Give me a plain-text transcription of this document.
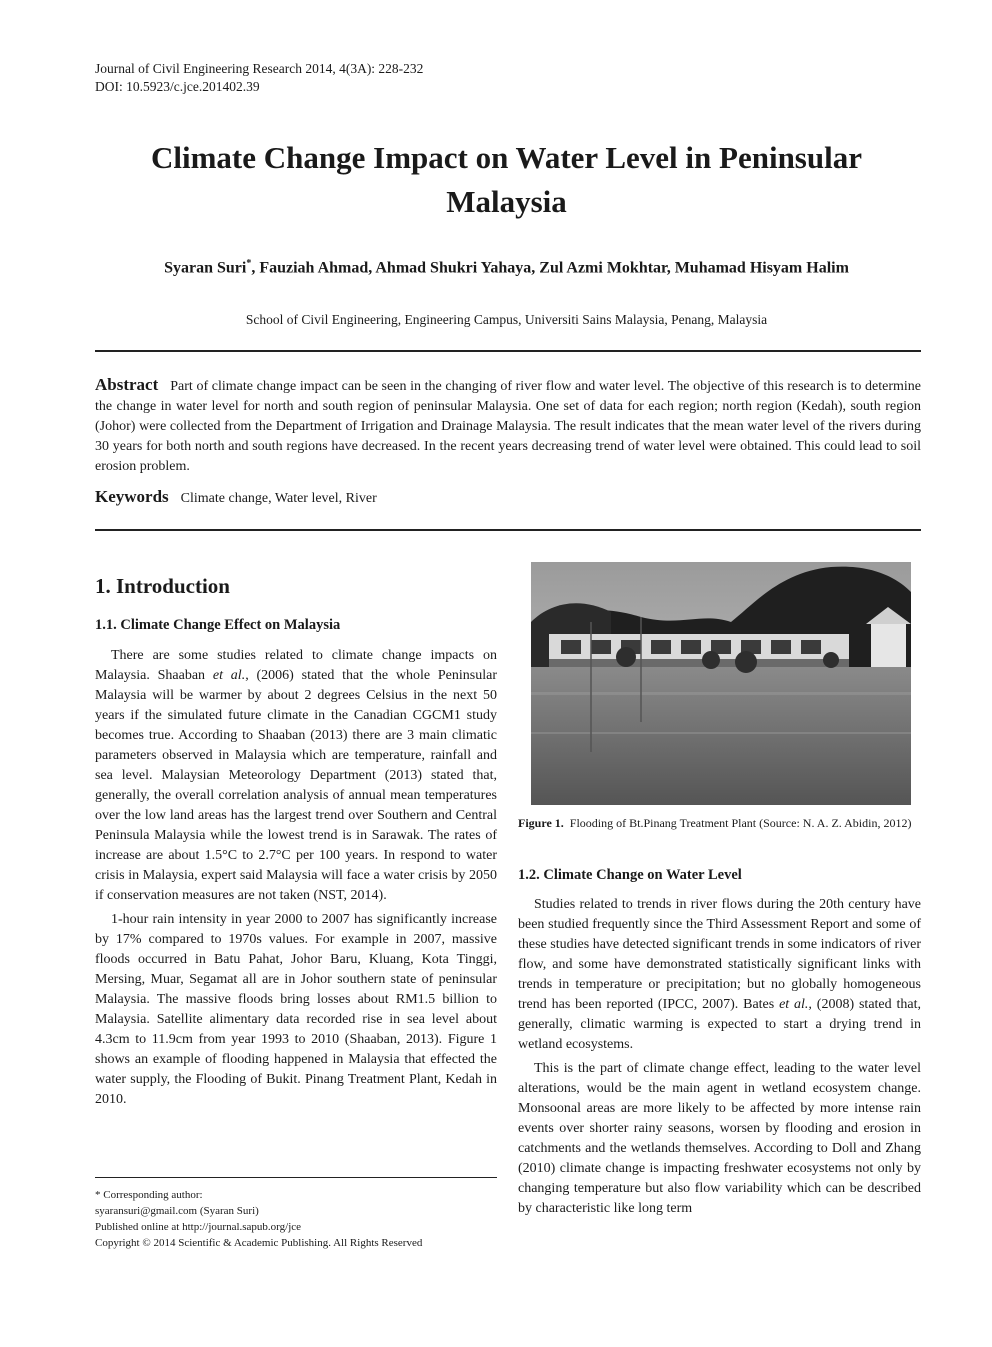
Journal of Civil Engineering Research 2014, 4(3A): 228-232
DOI: 10.5923/c.jce.201402.39
Climate Change Impact on Water Level in Peninsular
Malaysia
Syaran Suri*, Fauziah Ahmad, Ahmad Shukri Yahaya, Zul Azmi Mokhtar, Muhamad Hisyam Halim
School of Civil Engineering, Engineering Campus, Universiti Sains Malaysia, Penang, Malaysia
Abstract Part of climate change impact can be seen in the changing of river flow and water level. The objective of this research is to determine the change in water level for north and south region of peninsular Malaysia. One set of data for each region; north region (Kedah), south region (Johor) were collected from the Department of Irrigation and Drainage Malaysia. The result indicates that the mean water level of the rivers during 30 years for both north and south regions have decreased. In the recent years decreasing trend of water level were obtained. This could lead to soil erosion problem.
Keywords Climate change, Water level, River
1. Introduction
1.1. Climate Change Effect on Malaysia

There are some studies related to climate change impacts on Malaysia. Shaaban et al., (2006) stated that the whole Peninsular Malaysia will be warmer by about 2 degrees Celsius in the next 50 years if the simulated future climate in the Canadian CGCM1 study becomes true. According to Shaaban (2013) there are 3 main climatic parameters observed in Malaysia which are temperature, rainfall and sea level. Malaysian Meteorology Department (2013) stated that, generally, the overall correlation analysis of annual mean temperatures over the low land areas has the largest trend over Southern and Central Peninsula Malaysia while the lowest trend is in Sarawak. The rates of increase are about 1.5°C to 2.7°C per 100 years. In respond to water crisis in Malaysia, expert said Malaysia will face a water crisis by 2050 if conservation measures are not taken (NST, 2014).

1-hour rain intensity in year 2000 to 2007 has significantly increase by 17% compared to 1970s values. For example in 2007, massive floods occurred in Batu Pahat, Johor Baru, Kluang, Kota Tinggi, Mersing, Muar, Segamat all are in Johor southern state of peninsular Malaysia. The massive floods bring losses about RM1.5 billion to Malaysia. Satellite alimentary data recorded rise in sea level about 4.3cm to 11.9cm from year 1993 to 2010 (Shaaban, 2013). Figure 1 shows an example of flooding happened in Malaysia that effected the water supply, the Flooding of Bukit. Pinang Treatment Plant, Kedah in 2010.

Figure 1. Flooding of Bt.Pinang Treatment Plant (Source: N. A. Z. Abidin, 2012)
1.2. Climate Change on Water Level

Studies related to trends in river flows during the 20th century have been studied frequently since the Third Assessment Report and some of these studies have detected significant trends in some indicators of river flow, and some have demonstrated statistically significant links with trends in temperature or precipitation; but no globally homogeneous trend has been reported (IPCC, 2007). Bates et al., (2008) stated that, generally, climatic warming is expected to start a drying trend in wetland ecosystems.

This is the part of climate change effect, leading to the water level alterations, would be the main agent in wetland ecosystem change. Monsoonal areas are more likely to be affected by more intense rain events over shorter rainy seasons, worsen by flooding and erosion in catchments and the wetlands themselves. According to Doll and Zhang (2010) climate change is impacting freshwater ecosystems not only by changing temperature but also flow variability which can be described by characteristic like long term

* Corresponding author:
syaransuri@gmail.com (Syaran Suri)
Published online at http://journal.sapub.org/jce
Copyright © 2014 Scientific & Academic Publishing. All Rights Reserved
